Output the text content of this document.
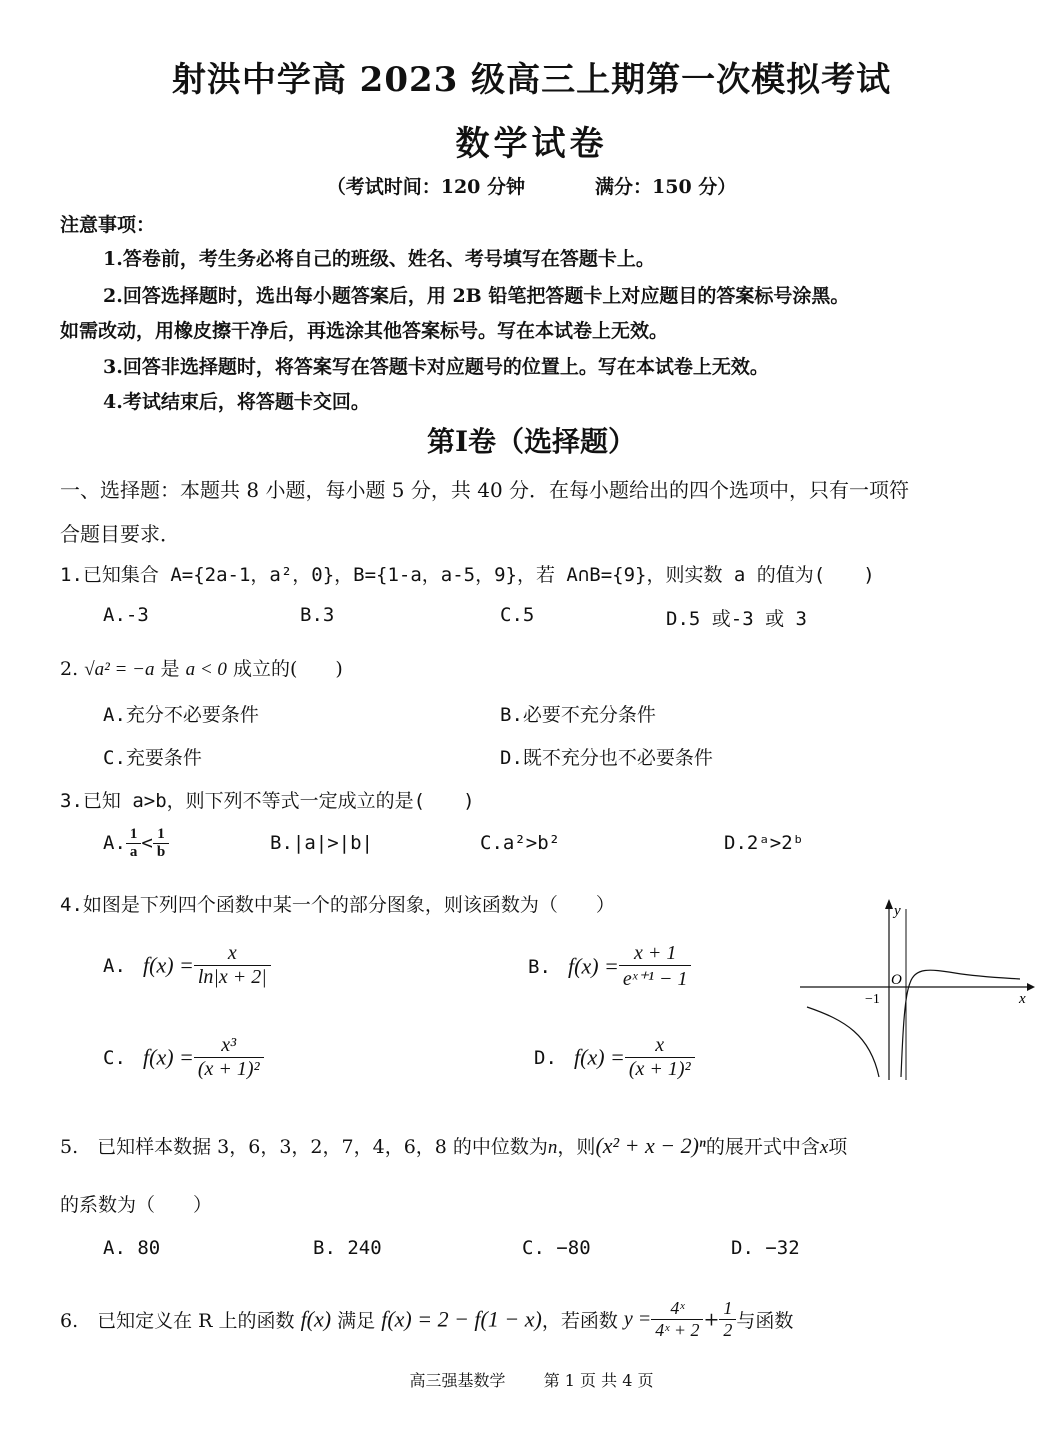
射洪中学高 2023 级高三上期第一次模拟考试
数学试卷
（考试时间：120 分钟	满分：150 分）
注意事项：
1.答卷前，考生务必将自己的班级、姓名、考号填写在答题卡上。
2.回答选择题时，选出每小题答案后，用 2B 铅笔把答题卡上对应题目的答案标号涂黑。
如需改动，用橡皮擦干净后，再选涂其他答案标号。写在本试卷上无效。
3.回答非选择题时，将答案写在答题卡对应题号的位置上。写在本试卷上无效。
4.考试结束后，将答题卡交回。
第I卷（选择题）
一、选择题：本题共 8 小题，每小题 5 分，共 40 分．在每小题给出的四个选项中，只有一项符
合题目要求．
1.已知集合 A={2a-1，a²，0}，B={1-a，a-5，9}，若 A∩B={9}，则实数 a 的值为(　　)
A.-3	B.3	C.5	D.5 或-3 或 3
2. √a² = −a 是 a < 0 成立的(　　)
A.充分不必要条件	B.必要不充分条件
C.充要条件	D.既不充分也不必要条件
3.已知 a>b，则下列不等式一定成立的是(　　)
A. $\frac{1}{a} < \frac{1}{b}$	B.|a|>|b|	C.a²>b²	D.2ᵃ>2ᵇ
4.如图是下列四个函数中某一个的部分图象，则该函数为（　　）
A. $f(x) = \frac{x}{\ln|x + 2|}$	B. $f(x) = \frac{x + 1}{\text{eˣ⁺¹ − 1}}$
C. $f(x) = \frac{\text{x³}}{\text{(x + 1)²}}$	D. $f(x) = \frac{x}{\text{(x + 1)²}}$
y
x
O
−1
5.　已知样本数据 3，6，3，2，7，4，6，8 的中位数为n，则(x² + x − 2)ⁿ的展开式中含x项
的系数为（　　）
A. 80	B. 240	C. −80	D. −32
6.　已知定义在 R 上的函数 f(x) 满足 f(x) = 2 − f(1 − x)，若函数 $y = \frac{\text{4ˣ}}{\text{4ˣ + 2}} + \frac{1}{2}$ 与函数
高三强基数学 第 1 页 共 4 页
